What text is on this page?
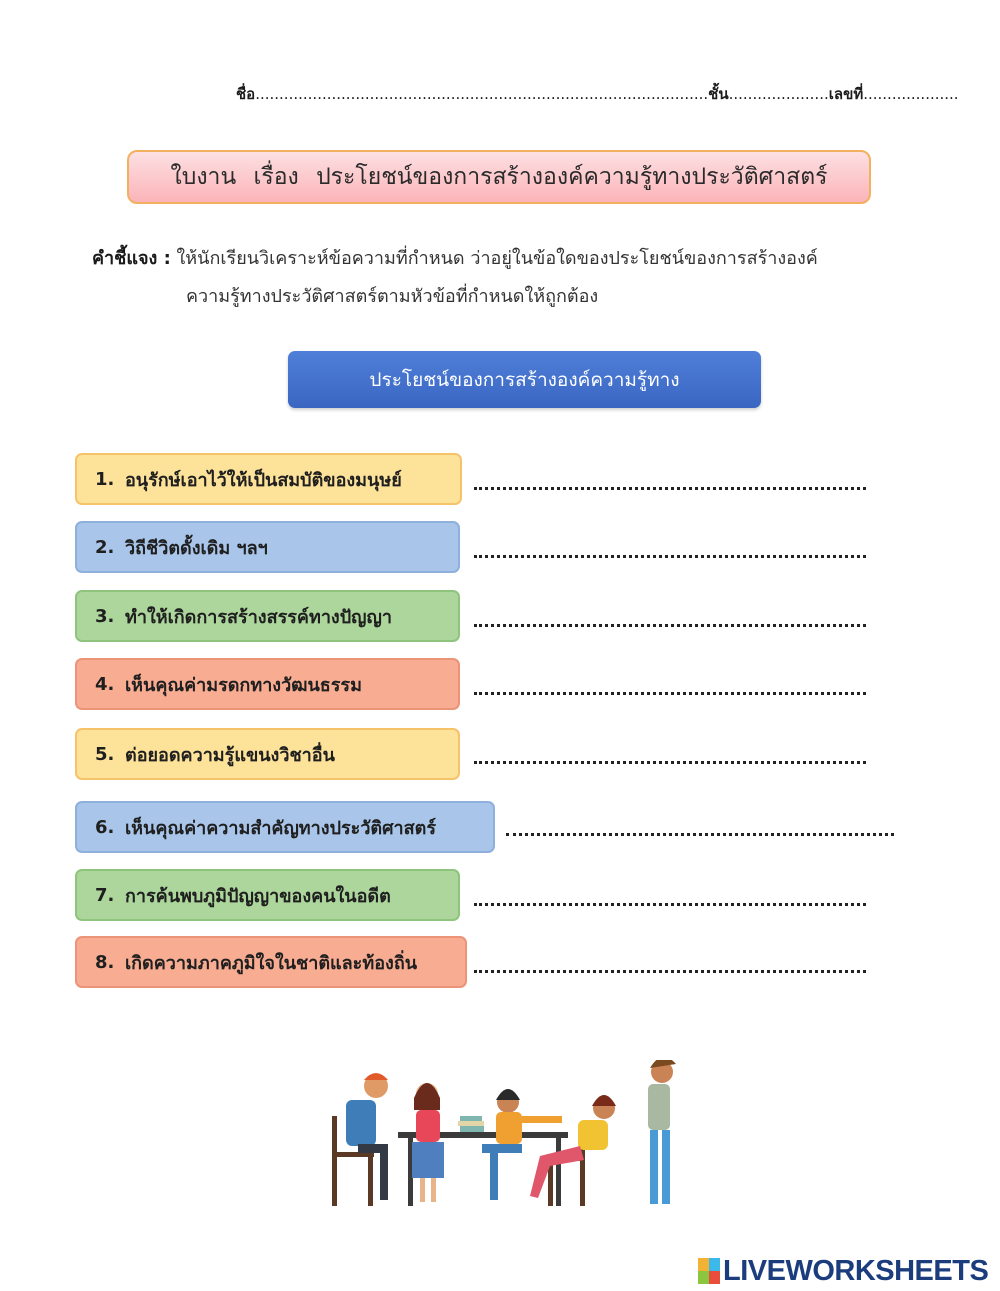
ชื่อ...............................................................................................ชั้น.....................เลขที่....................
ใบงาน เรื่อง ประโยชน์ของการสร้างองค์ความรู้ทางประวัติศาสตร์
คำชี้แจง : ให้นักเรียนวิเคราะห์ข้อความที่กำหนด ว่าอยู่ในข้อใดของประโยชน์ของการสร้างองค์
ความรู้ทางประวัติศาสตร์ตามหัวข้อที่กำหนดให้ถูกต้อง
ประโยชน์ของการสร้างองค์ความรู้ทาง
1. อนุรักษ์เอาไว้ให้เป็นสมบัติของมนุษย์
2. วิถีชีวิตดั้งเดิม ฯลฯ
3. ทำให้เกิดการสร้างสรรค์ทางปัญญา
4. เห็นคุณค่ามรดกทางวัฒนธรรม
5. ต่อยอดความรู้แขนงวิชาอื่น
6. เห็นคุณค่าความสำคัญทางประวัติศาสตร์
7. การค้นพบภูมิปัญญาของคนในอดีต
8. เกิดความภาคภูมิใจในชาติและท้องถิ่น
LIVEWORKSHEETS
